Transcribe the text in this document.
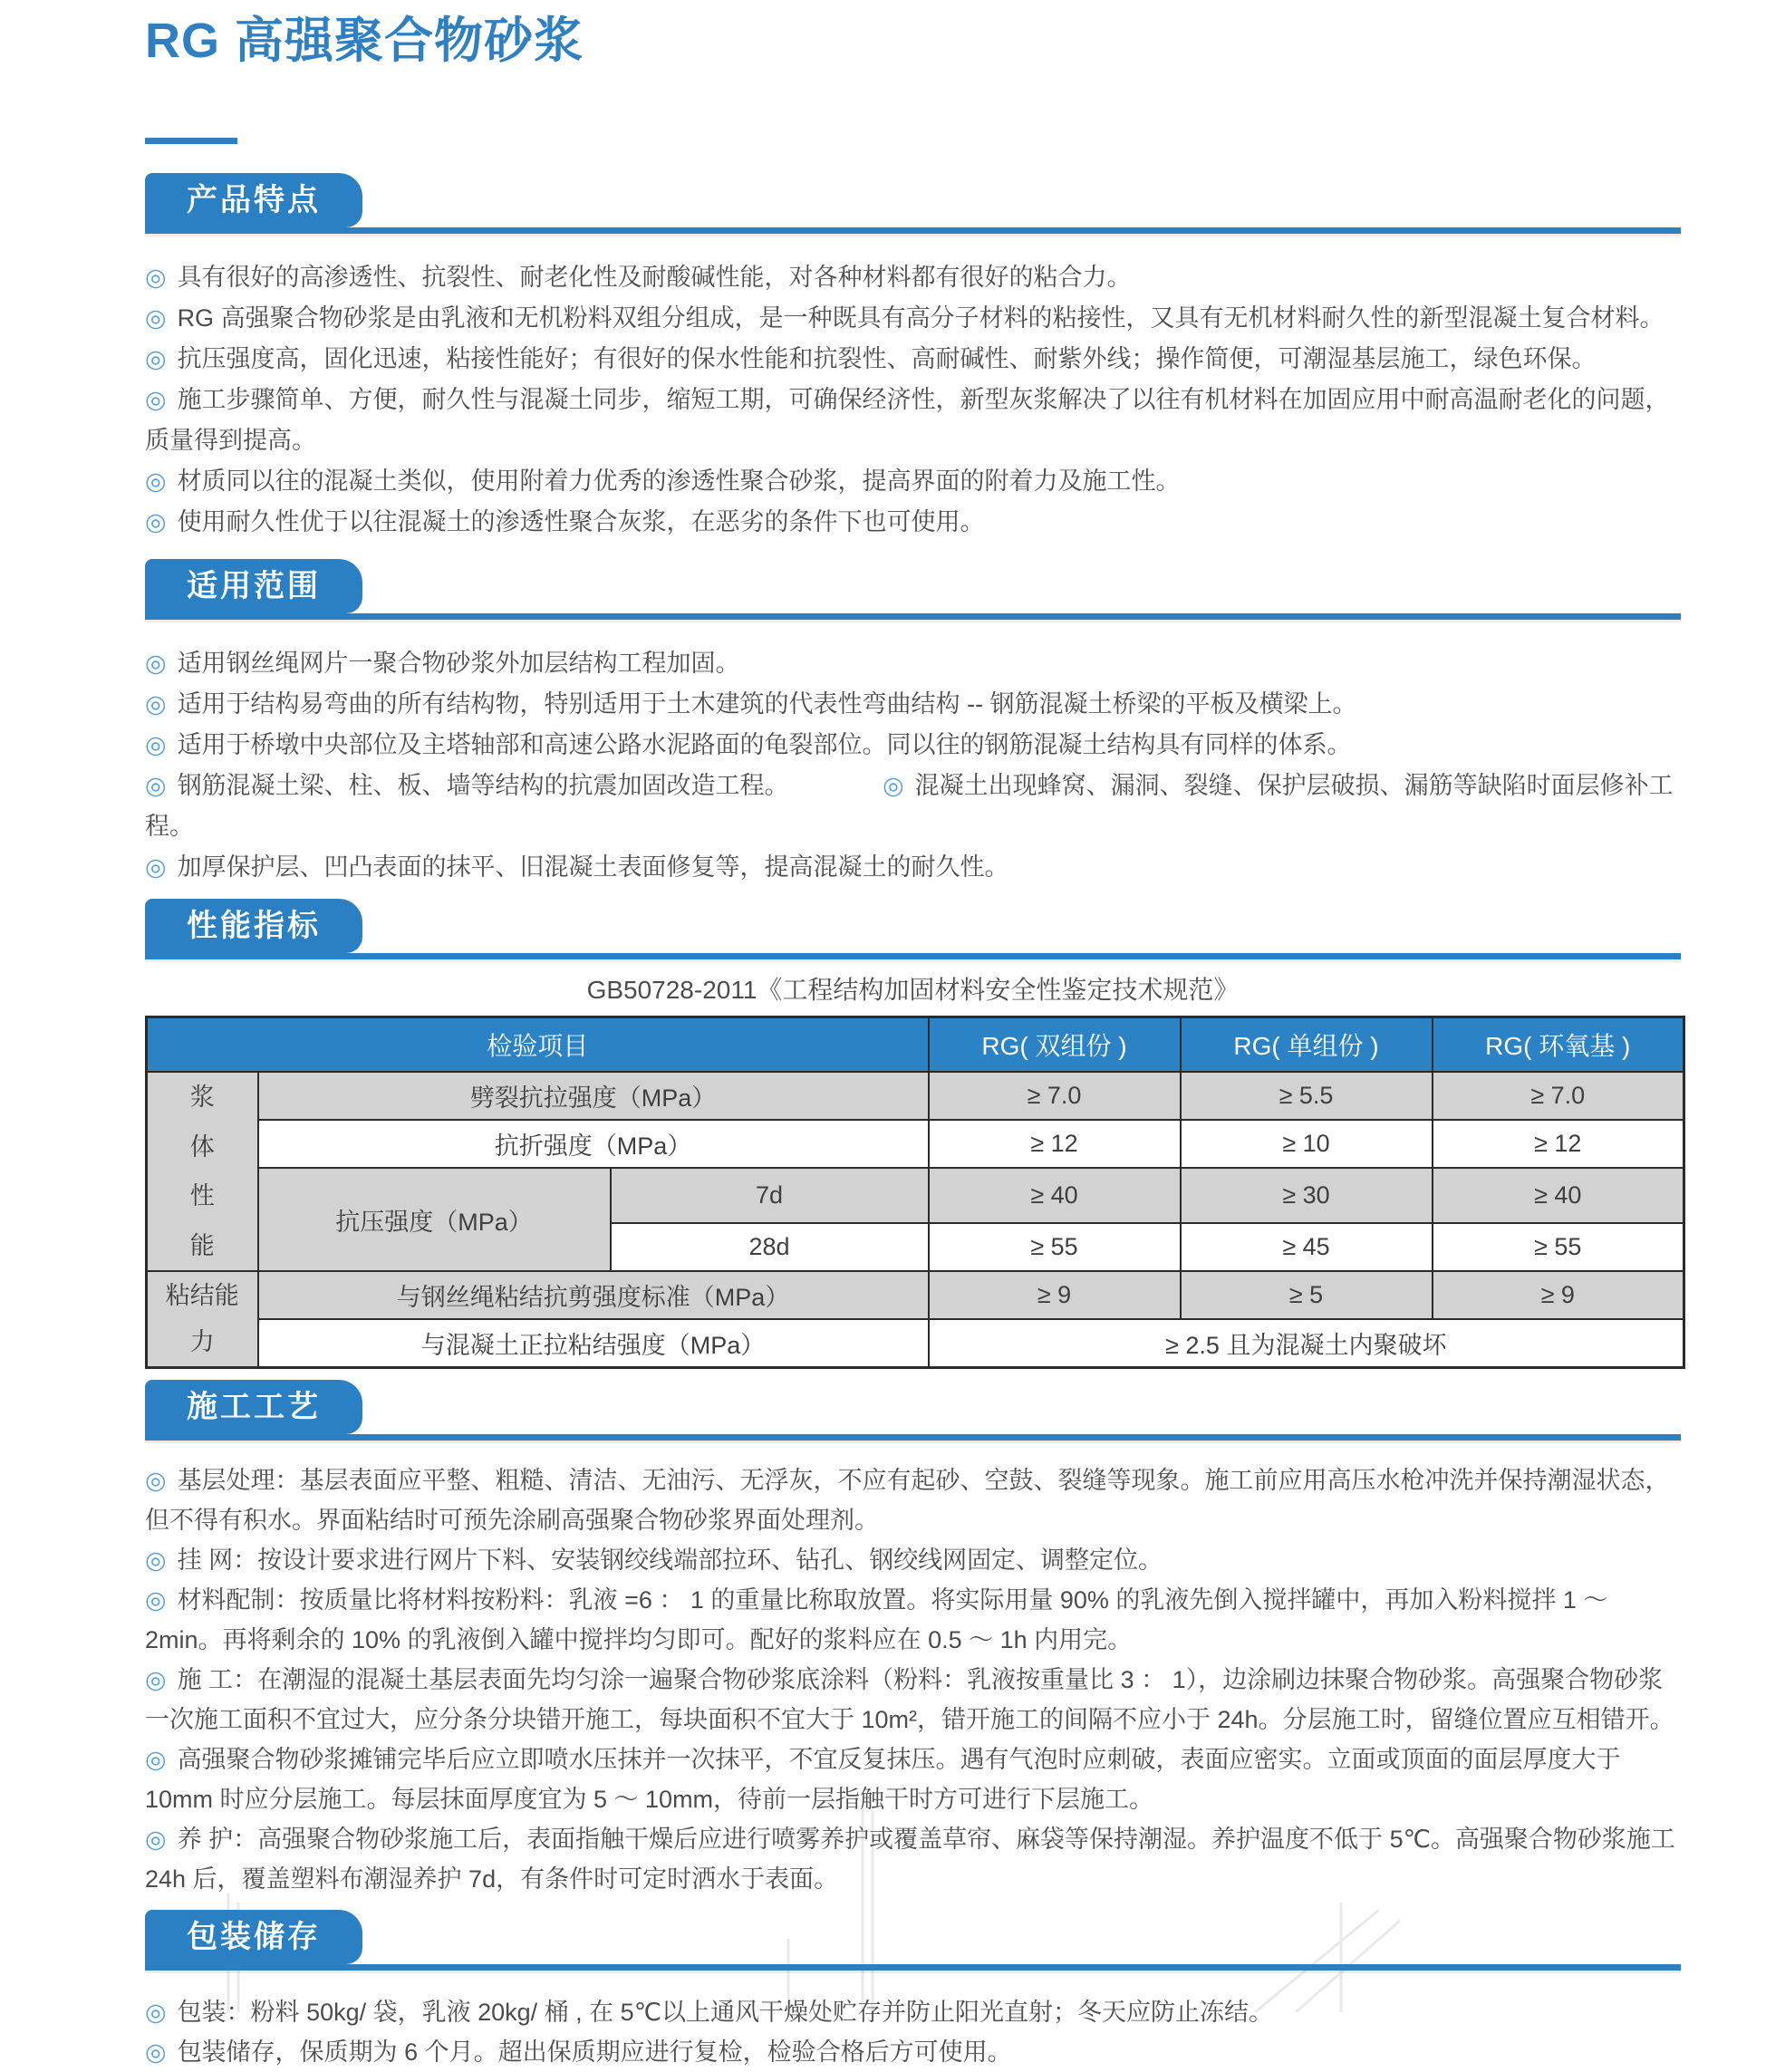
RG 高强聚合物砂浆
产品特点

◎ 具有很好的高渗透性、抗裂性、耐老化性及耐酸碱性能，对各种材料都有很好的粘合力。

◎ RG 高强聚合物砂浆是由乳液和无机粉料双组分组成，是一种既具有高分子材料的粘接性，又具有无机材料耐久性的新型混凝土复合材料。

◎ 抗压强度高，固化迅速，粘接性能好；有很好的保水性能和抗裂性、高耐碱性、耐紫外线；操作简便，可潮湿基层施工，绿色环保。

◎ 施工步骤简单、方便，耐久性与混凝土同步，缩短工期，可确保经济性，新型灰浆解决了以往有机材料在加固应用中耐高温耐老化的问题，质量得到提高。

◎ 材质同以往的混凝土类似，使用附着力优秀的渗透性聚合砂浆，提高界面的附着力及施工性。

◎ 使用耐久性优于以往混凝土的渗透性聚合灰浆，在恶劣的条件下也可使用。

适用范围

◎ 适用钢丝绳网片一聚合物砂浆外加层结构工程加固。

◎ 适用于结构易弯曲的所有结构物，特别适用于土木建筑的代表性弯曲结构 -- 钢筋混凝土桥梁的平板及横梁上。

◎ 适用于桥墩中央部位及主塔轴部和高速公路水泥路面的龟裂部位。同以往的钢筋混凝土结构具有同样的体系。

◎ 钢筋混凝土梁、柱、板、墙等结构的抗震加固改造工程。	◎ 混凝土出现蜂窝、漏洞、裂缝、保护层破损、漏筋等缺陷时面层修补工程。

◎ 加厚保护层、凹凸表面的抹平、旧混凝土表面修复等，提高混凝土的耐久性。

性能指标
GB50728-2011《工程结构加固材料安全性鉴定技术规范》
检验项目			RG( 双组份 )	RG( 单组份 )	RG( 环氧基 )
浆体性能	劈裂抗拉强度（MPa）		≥ 7.0	≥ 5.5	≥ 7.0
	抗折强度（MPa）		≥ 12	≥ 10	≥ 12
	抗压强度（MPa）	7d	≥ 40	≥ 30	≥ 40
		28d	≥ 55	≥ 45	≥ 55
粘结能力	与钢丝绳粘结抗剪强度标准（MPa）		≥ 9	≥ 5	≥ 9
	与混凝土正拉粘结强度（MPa）		≥ 2.5 且为混凝土内聚破坏		
施工工艺

◎ 基层处理：基层表面应平整、粗糙、清洁、无油污、无浮灰，不应有起砂、空鼓、裂缝等现象。施工前应用高压水枪冲洗并保持潮湿状态，但不得有积水。界面粘结时可预先涂刷高强聚合物砂浆界面处理剂。

◎ 挂 网：按设计要求进行网片下料、安装钢绞线端部拉环、钻孔、钢绞线网固定、调整定位。

◎ 材料配制：按质量比将材料按粉料：乳液 =6 ： 1 的重量比称取放置。将实际用量 90% 的乳液先倒入搅拌罐中，再加入粉料搅拌 1 ～ 2min。再将剩余的 10% 的乳液倒入罐中搅拌均匀即可。配好的浆料应在 0.5 ～ 1h 内用完。

◎ 施 工：在潮湿的混凝土基层表面先均匀涂一遍聚合物砂浆底涂料（粉料：乳液按重量比 3 ： 1），边涂刷边抹聚合物砂浆。高强聚合物砂浆一次施工面积不宜过大，应分条分块错开施工，每块面积不宜大于 10m²，错开施工的间隔不应小于 24h。分层施工时，留缝位置应互相错开。

◎ 高强聚合物砂浆摊铺完毕后应立即喷水压抹并一次抹平，不宜反复抹压。遇有气泡时应刺破，表面应密实。立面或顶面的面层厚度大于 10mm 时应分层施工。每层抹面厚度宜为 5 ～ 10mm，待前一层指触干时方可进行下层施工。

◎ 养 护：高强聚合物砂浆施工后，表面指触干燥后应进行喷雾养护或覆盖草帘、麻袋等保持潮湿。养护温度不低于 5℃。高强聚合物砂浆施工 24h 后，覆盖塑料布潮湿养护 7d，有条件时可定时洒水于表面。

包装储存

◎ 包装：粉料 50kg/ 袋，乳液 20kg/ 桶 , 在 5℃以上通风干燥处贮存并防止阳光直射；冬天应防止冻结。

◎ 包装储存，保质期为 6 个月。超出保质期应进行复检，检验合格后方可使用。
